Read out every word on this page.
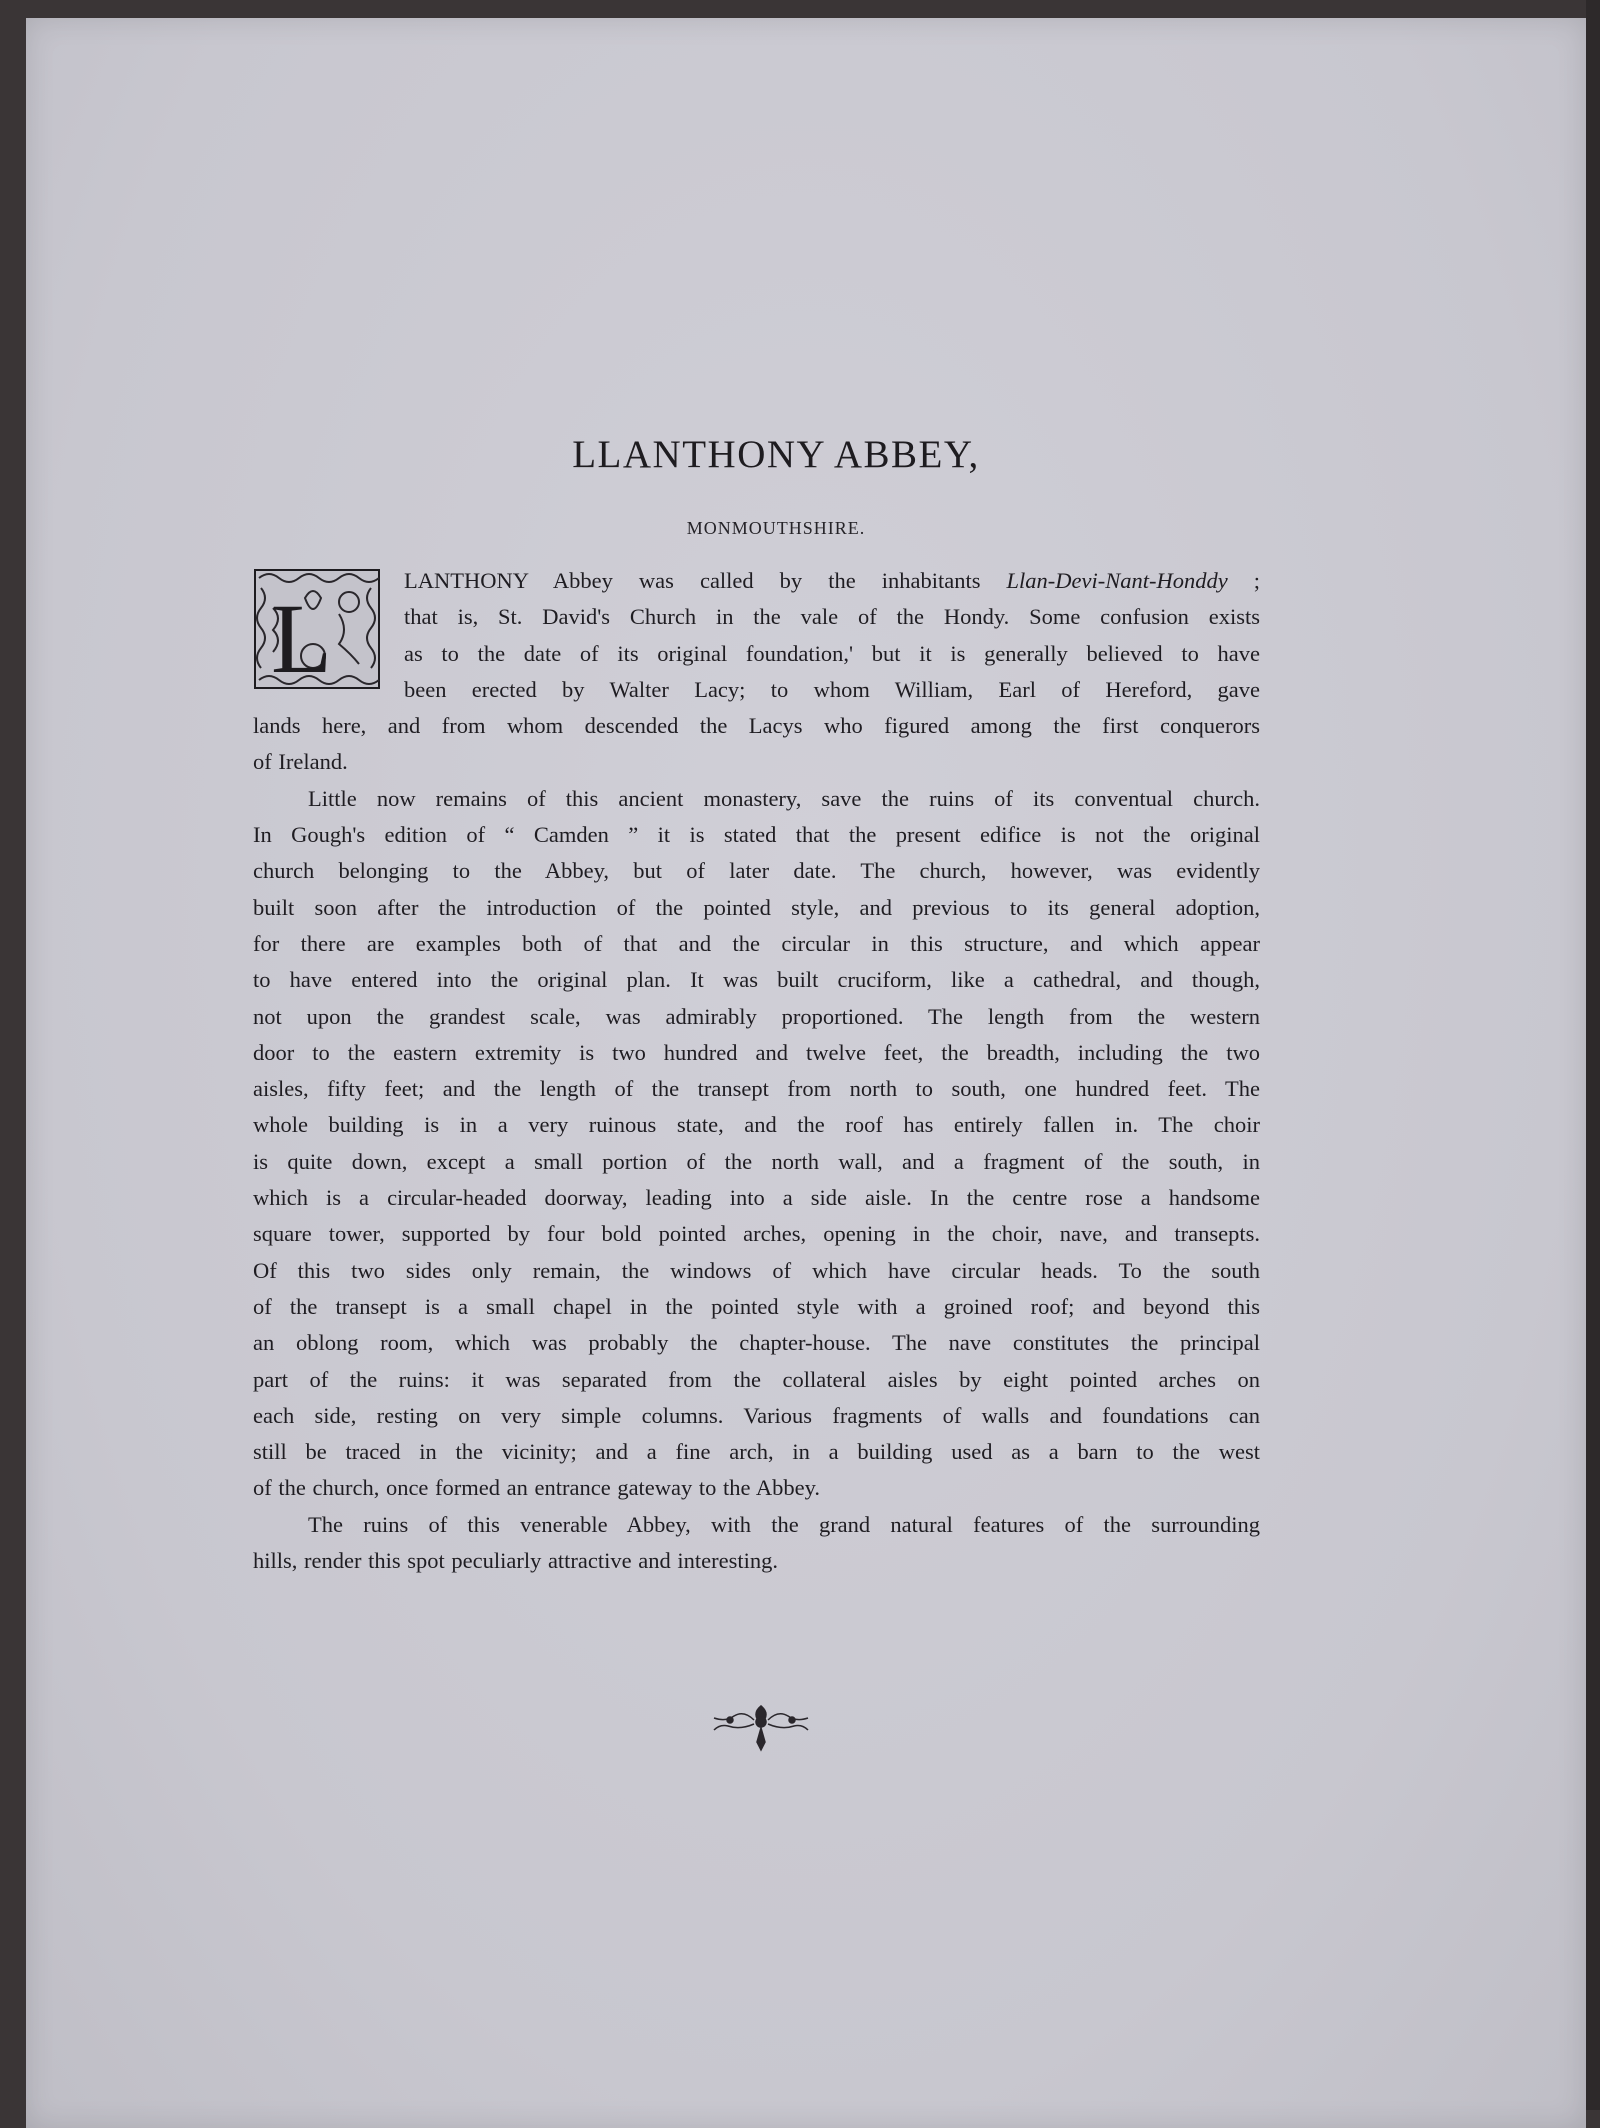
LLANTHONY ABBEY,
MONMOUTHSHIRE.
L
LANTHONY Abbey was called by the inhabitants Llan-Devi-Nant-Honddy ;
that is, St. David's Church in the vale of the Hondy. Some confusion exists
as to the date of its original foundation,' but it is generally believed to have
been erected by Walter Lacy; to whom William, Earl of Hereford, gave
lands here, and from whom descended the Lacys who figured among the first conquerors
of Ireland.
Little now remains of this ancient monastery, save the ruins of its conventual church.
In Gough's edition of “ Camden ” it is stated that the present edifice is not the original
church belonging to the Abbey, but of later date. The church, however, was evidently
built soon after the introduction of the pointed style, and previous to its general adoption,
for there are examples both of that and the circular in this structure, and which appear
to have entered into the original plan. It was built cruciform, like a cathedral, and though,
not upon the grandest scale, was admirably proportioned. The length from the western
door to the eastern extremity is two hundred and twelve feet, the breadth, including the two
aisles, fifty feet; and the length of the transept from north to south, one hundred feet. The
whole building is in a very ruinous state, and the roof has entirely fallen in. The choir
is quite down, except a small portion of the north wall, and a fragment of the south, in
which is a circular-headed doorway, leading into a side aisle. In the centre rose a handsome
square tower, supported by four bold pointed arches, opening in the choir, nave, and transepts.
Of this two sides only remain, the windows of which have circular heads. To the south
of the transept is a small chapel in the pointed style with a groined roof; and beyond this
an oblong room, which was probably the chapter-house. The nave constitutes the principal
part of the ruins: it was separated from the collateral aisles by eight pointed arches on
each side, resting on very simple columns. Various fragments of walls and foundations can
still be traced in the vicinity; and a fine arch, in a building used as a barn to the west
of the church, once formed an entrance gateway to the Abbey.
The ruins of this venerable Abbey, with the grand natural features of the surrounding
hills, render this spot peculiarly attractive and interesting.
